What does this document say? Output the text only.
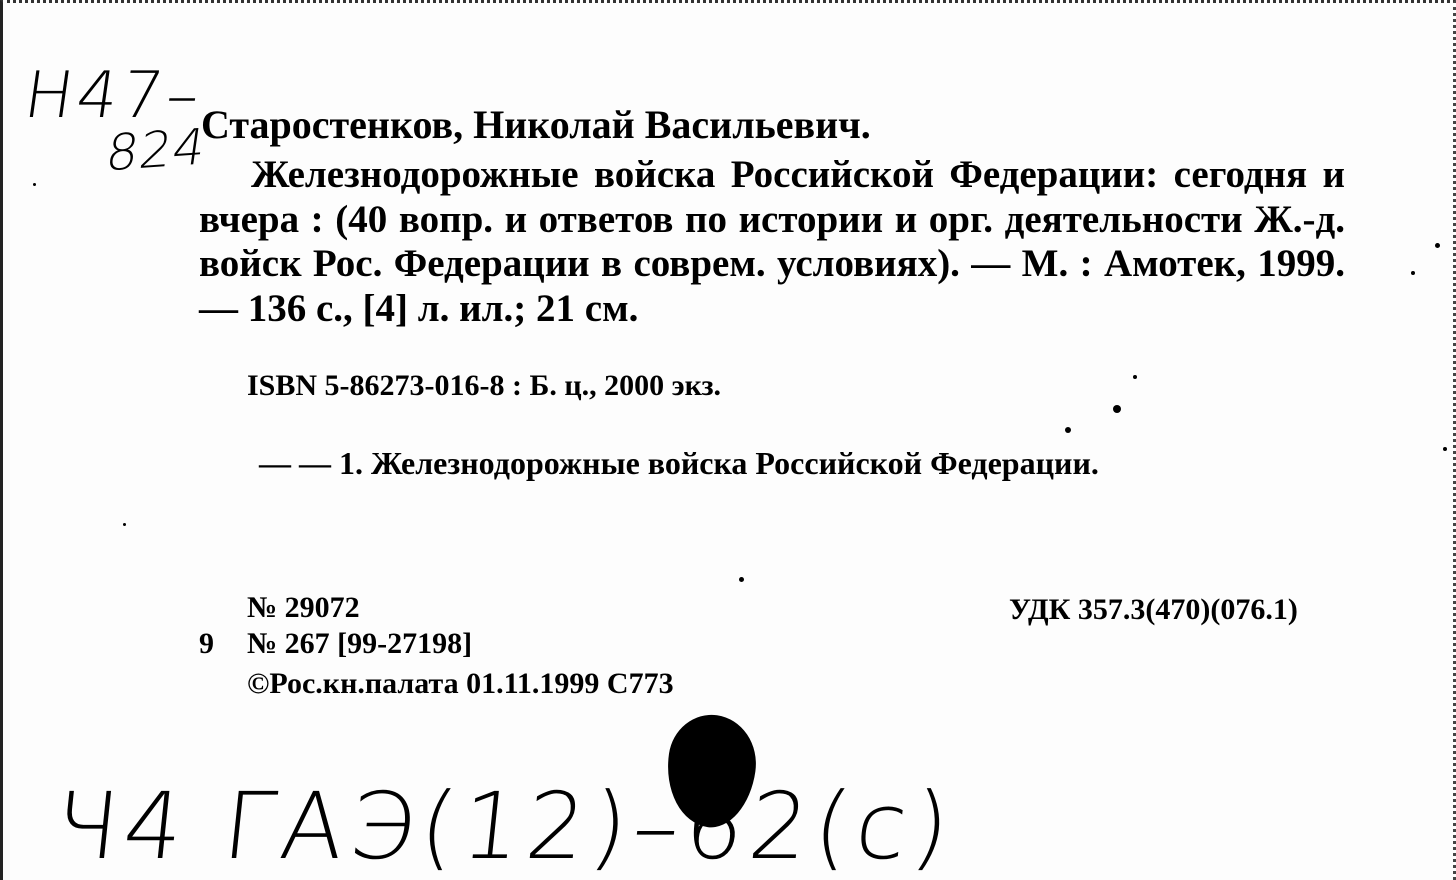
Н47–
824
Старостенков, Николай Васильевич.

Железнодорожные войска Российской Федерации: сегодня и вчера : (40 вопр. и ответов по истории и орг. деятельности Ж.-д. войск Рос. Федерации в соврем. условиях). — М. : Амотек, 1999. — 136 с., [4] л. ил.; 21 см.

ISBN 5-86273-016-8 : Б. ц., 2000 экз.
— — 1. Железнодорожные войска Российской Федерации.
№ 29072
9 № 267 [99-27198]
©Рос.кн.палата 01.11.1999 С773
УДК 357.3(470)(076.1)
Ч4 ГАЭ(12)–62(с)
